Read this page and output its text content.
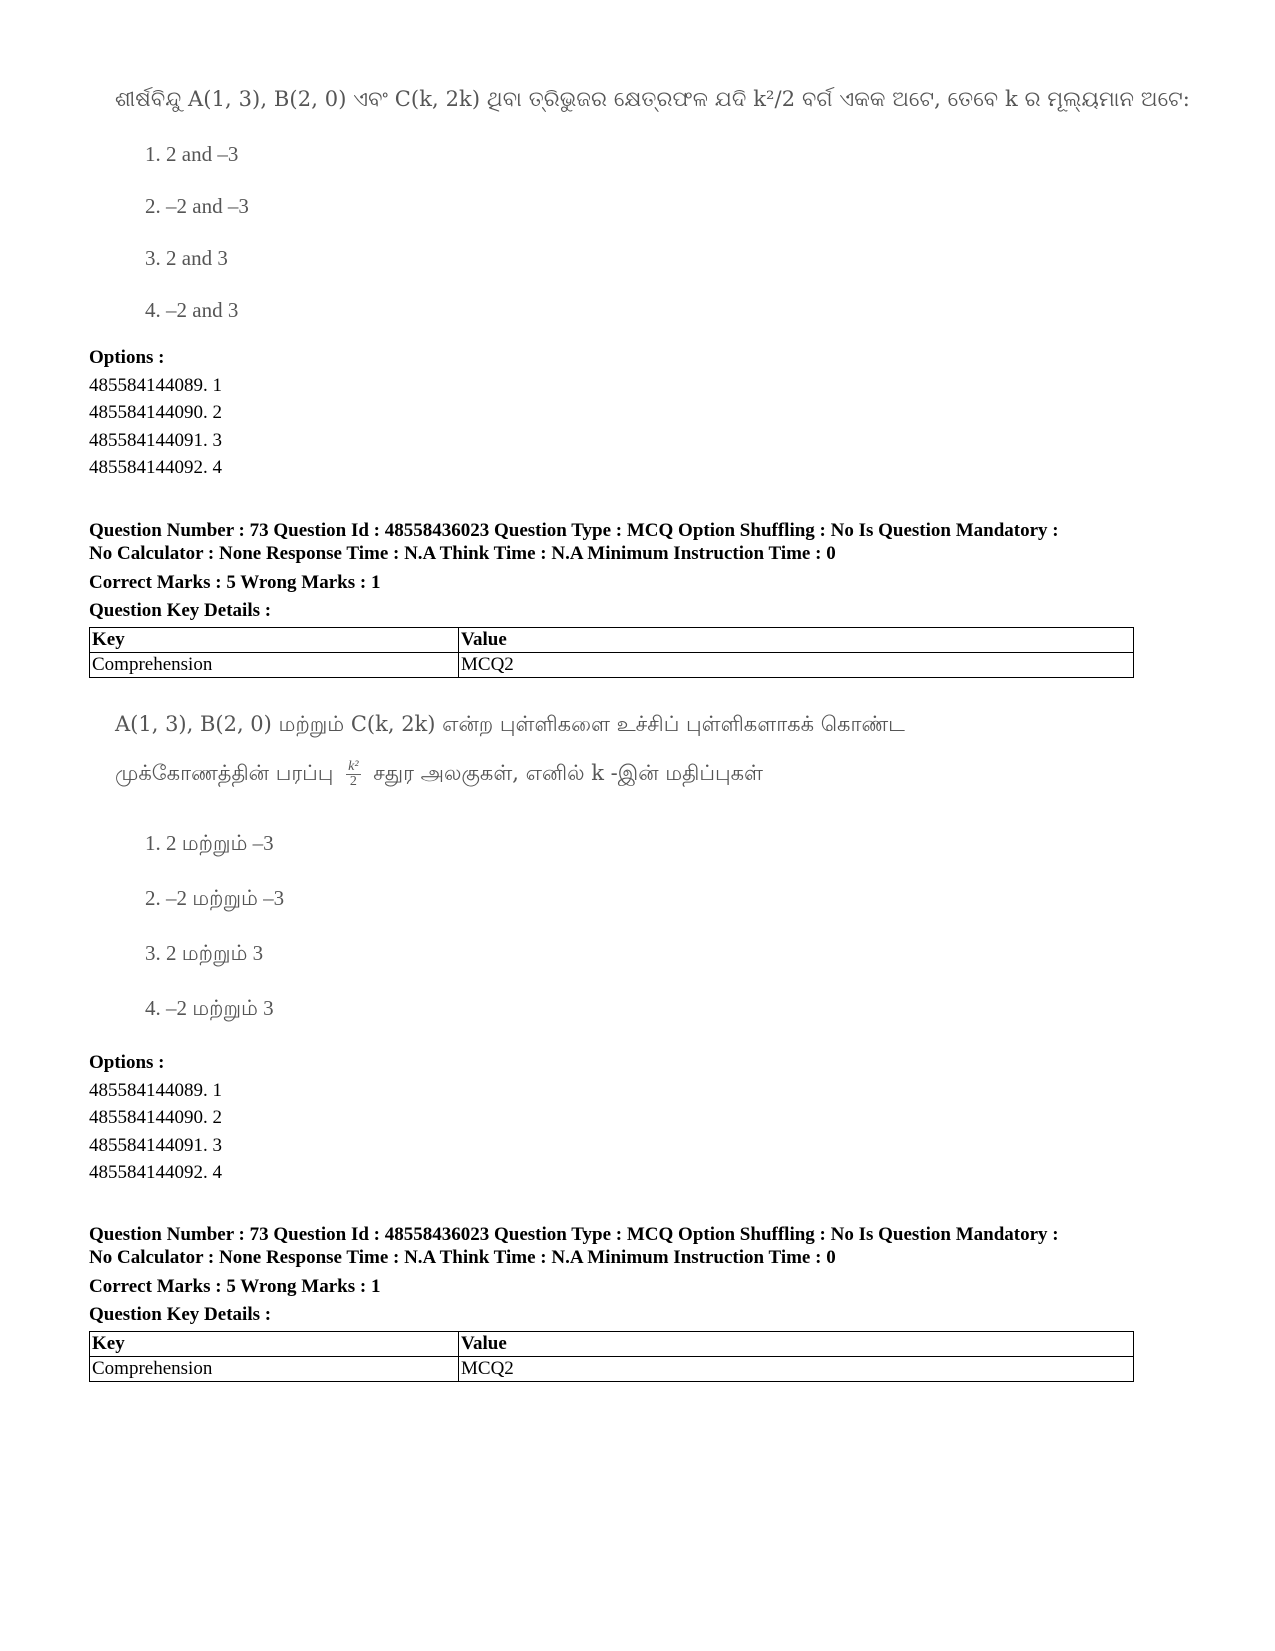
ଶୀର୍ଷବିନ୍ଦୁ A(1, 3), B(2, 0) ଏବଂ C(k, 2k) ଥିବା ତ୍ରିଭୁଜର କ୍ଷେତ୍ରଫଳ ଯଦି k²/2 ବର୍ଗ ଏକକ ଅଟେ, ତେବେ k ର ମୂଲ୍ୟମାନ ଅଟେ:
1. 2 and –3
2. –2 and –3
3. 2 and 3
4. –2 and 3
Options :
485584144089. 1
485584144090. 2
485584144091. 3
485584144092. 4
Question Number : 73 Question Id : 48558436023 Question Type : MCQ Option Shuffling : No Is Question Mandatory :
No Calculator : None Response Time : N.A Think Time : N.A Minimum Instruction Time : 0
Correct Marks : 5 Wrong Marks : 1
Question Key Details :
Key	Value
Comprehension	MCQ2
A(1, 3), B(2, 0) மற்றும் C(k, 2k) என்ற புள்ளிகளை உச்சிப் புள்ளிகளாகக் கொண்ட
முக்கோணத்தின் பரப்பு $\frac{\text{k²}}{2}$ சதுர அலகுகள், எனில் k -இன் மதிப்புகள்
1. 2 மற்றும் –3
2. –2 மற்றும் –3
3. 2 மற்றும் 3
4. –2 மற்றும் 3
Options :
485584144089. 1
485584144090. 2
485584144091. 3
485584144092. 4
Question Number : 73 Question Id : 48558436023 Question Type : MCQ Option Shuffling : No Is Question Mandatory :
No Calculator : None Response Time : N.A Think Time : N.A Minimum Instruction Time : 0
Correct Marks : 5 Wrong Marks : 1
Question Key Details :
Key	Value
Comprehension	MCQ2
